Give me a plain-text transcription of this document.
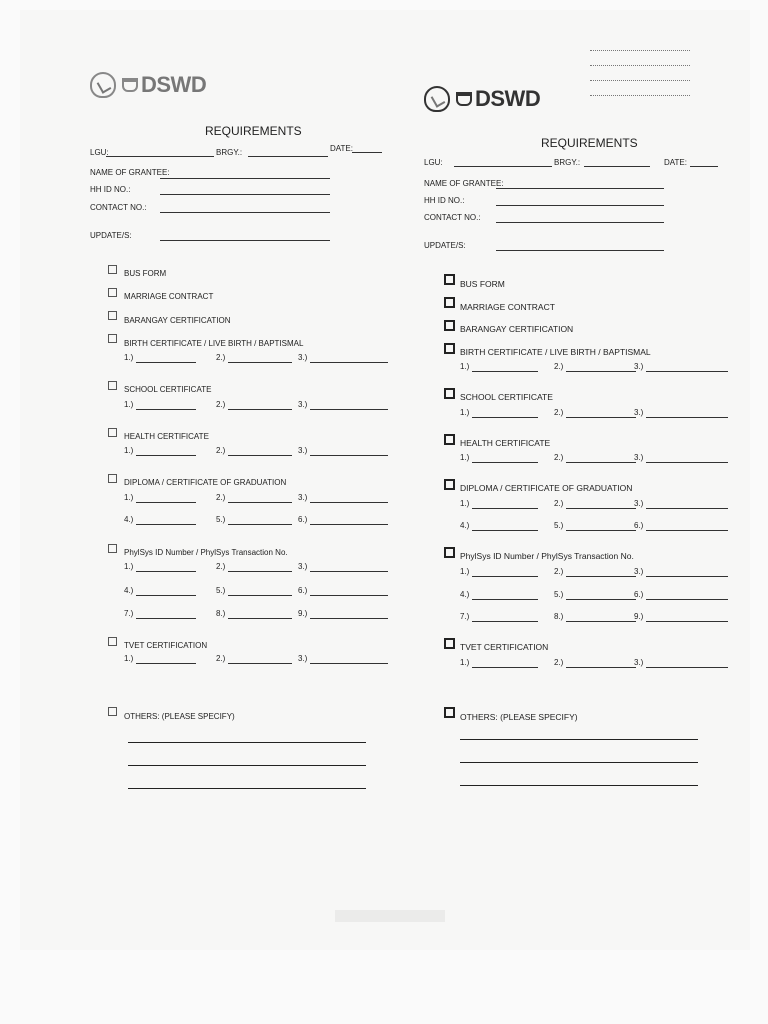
DSWD
REQUIREMENTS
LGU:	BRGY.:	DATE:
NAME OF GRANTEE:
HH ID NO.:
CONTACT NO.:
UPDATE/S:
BUS FORM
MARRIAGE CONTRACT
BARANGAY CERTIFICATION
BIRTH CERTIFICATE / LIVE BIRTH / BAPTISMAL
1.)	2.)	3.)
SCHOOL CERTIFICATE
1.)	2.)	3.)
HEALTH CERTIFICATE
1.)	2.)	3.)
DIPLOMA / CERTIFICATE OF GRADUATION
1.)	2.)	3.)
4.)	5.)	6.)
PhylSys ID Number / PhylSys Transaction No.
1.)	2.)	3.)
4.)	5.)	6.)
7.)	8.)	9.)
TVET CERTIFICATION
1.)	2.)	3.)
OTHERS: (PLEASE SPECIFY)
DSWD
REQUIREMENTS
LGU:	BRGY.:	DATE:
NAME OF GRANTEE:
HH ID NO.:
CONTACT NO.:
UPDATE/S:
BUS FORM
MARRIAGE CONTRACT
BARANGAY CERTIFICATION
BIRTH CERTIFICATE / LIVE BIRTH / BAPTISMAL
1.)	2.)	3.)
SCHOOL CERTIFICATE
1.)	2.)	3.)
HEALTH CERTIFICATE
1.)	2.)	3.)
DIPLOMA / CERTIFICATE OF GRADUATION
1.)	2.)	3.)
4.)	5.)	6.)
PhylSys ID Number / PhylSys Transaction No.
1.)	2.)	3.)
4.)	5.)	6.)
7.)	8.)	9.)
TVET CERTIFICATION
1.)	2.)	3.)
OTHERS: (PLEASE SPECIFY)
